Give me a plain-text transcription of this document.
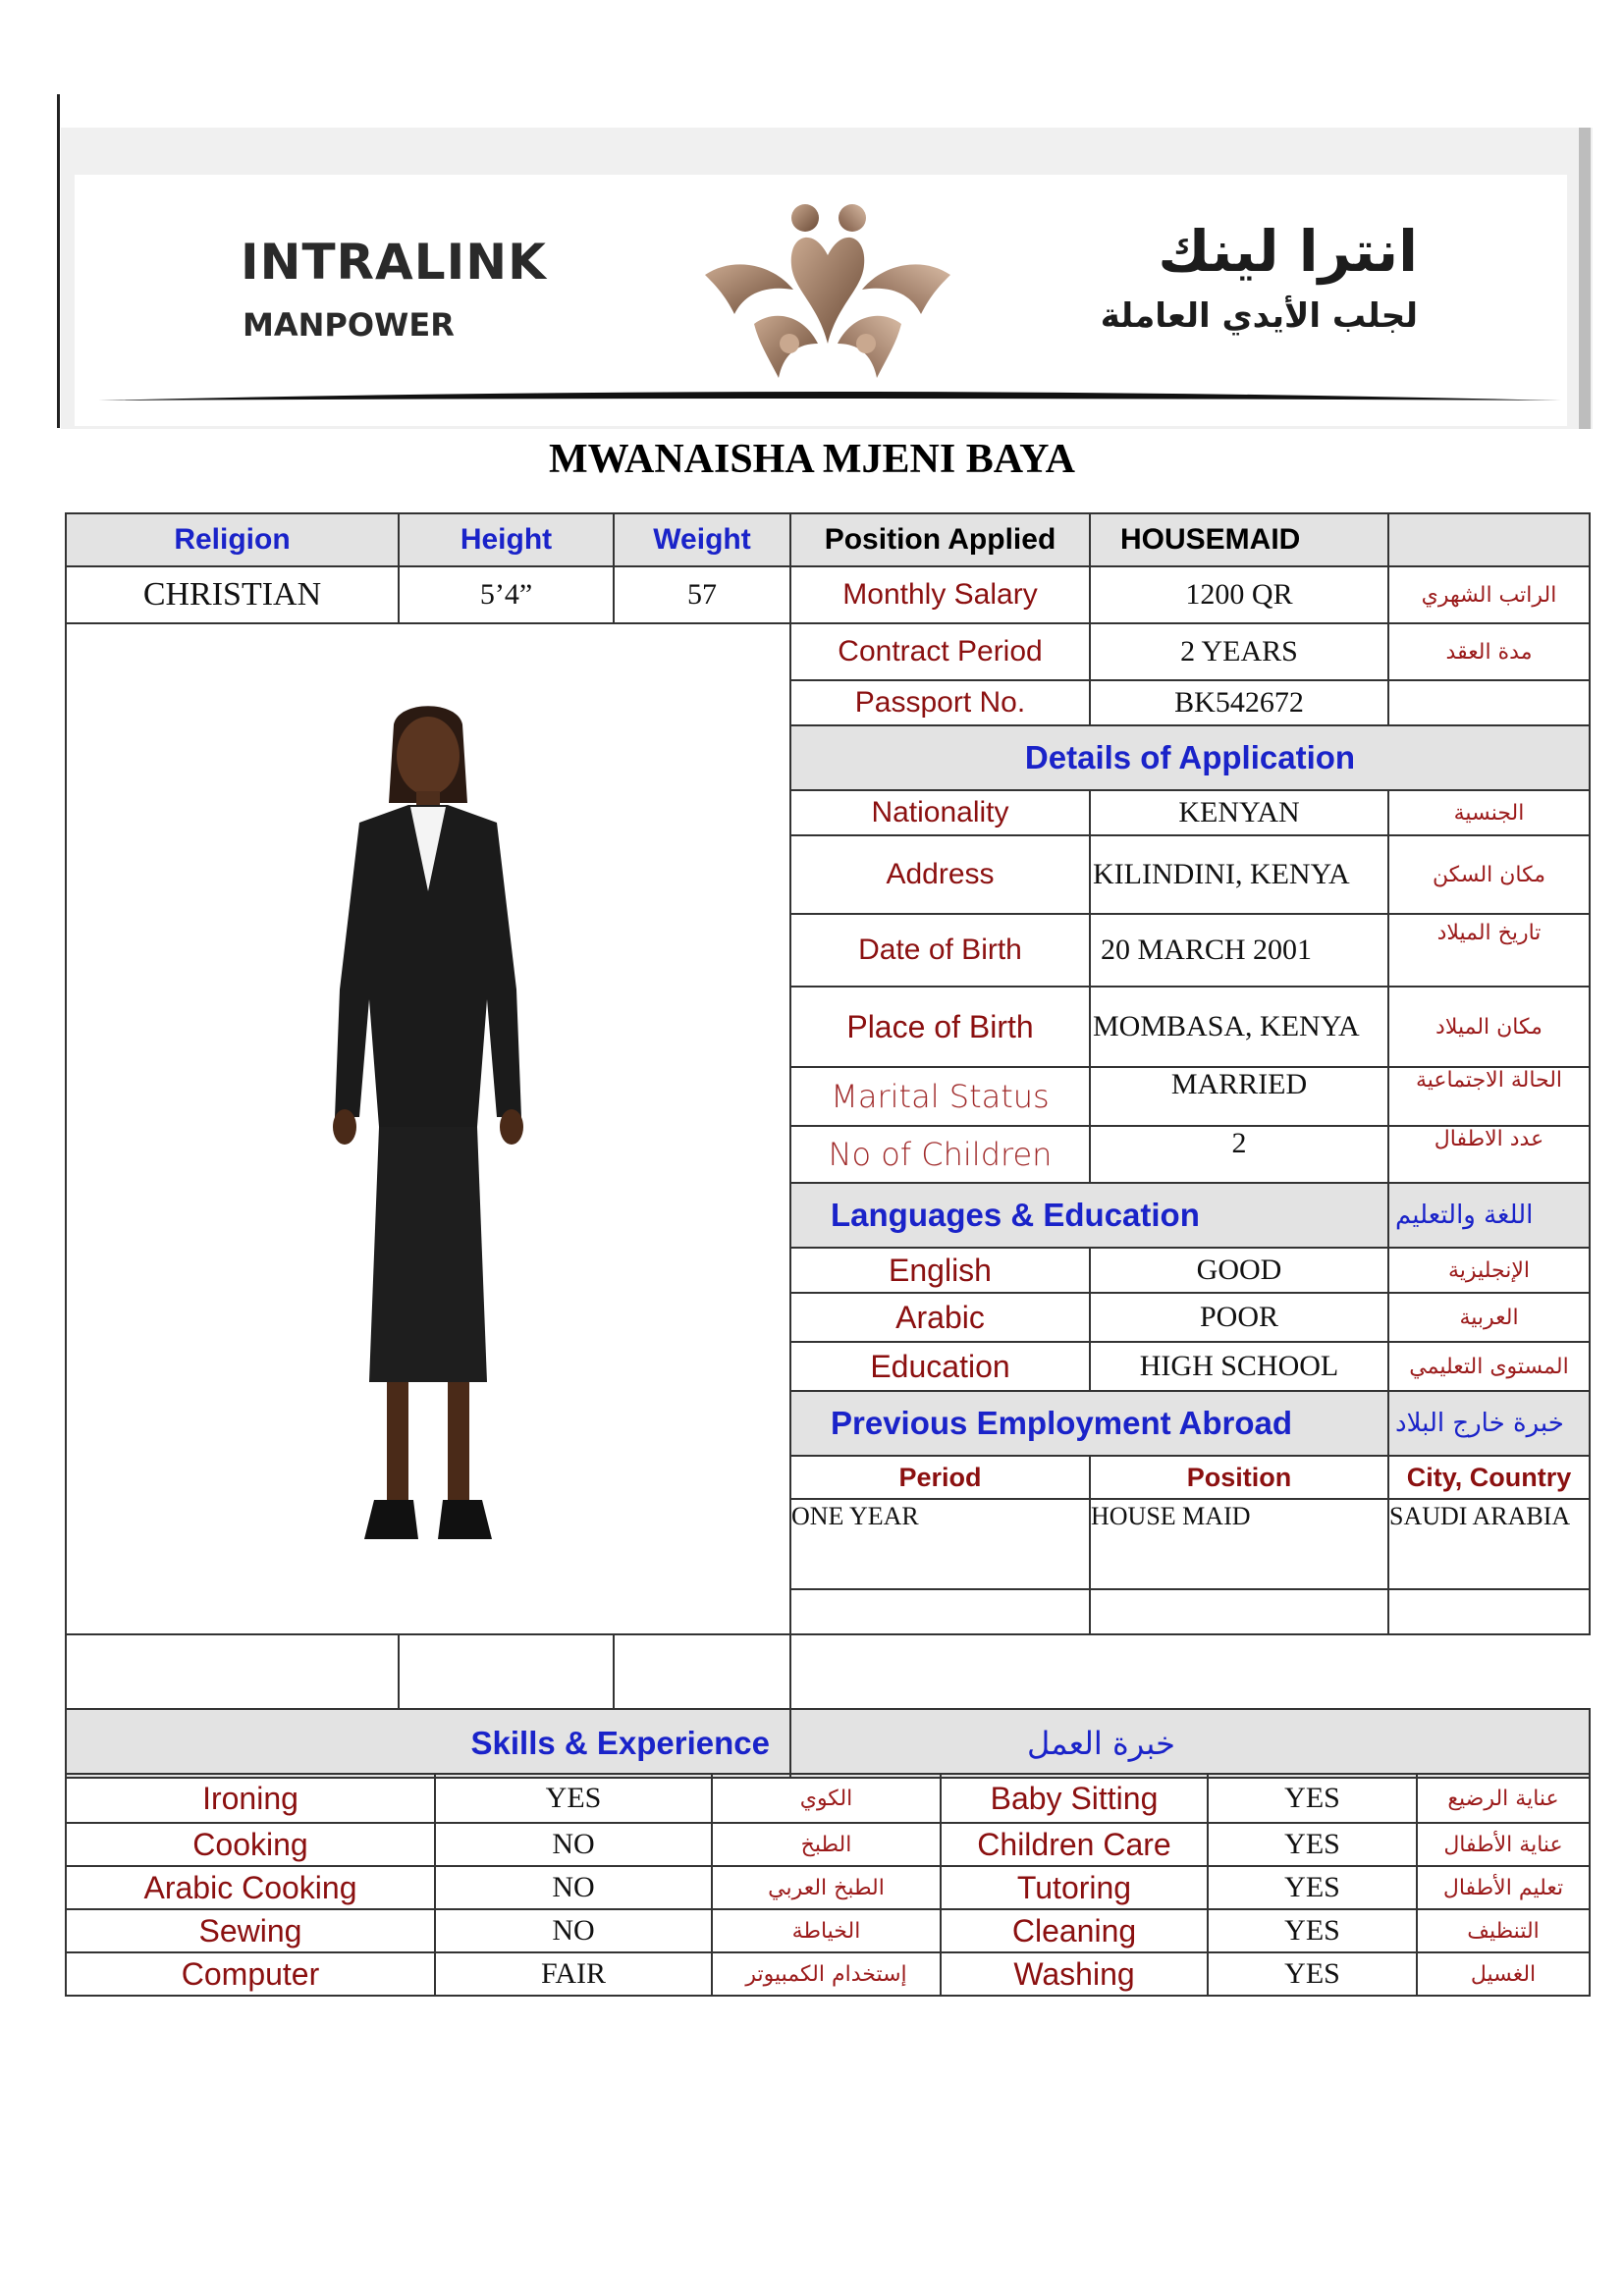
INTRALINK
MANPOWER
انترا لينك
لجلب الأيدي العاملة
MWANAISHA MJENI BAYA
Religion	Height	Weight	Position Applied	HOUSEMAID	
CHRISTIAN	5’4”	57	Monthly Salary	1200 QR	الراتب الشهري
	Contract Period	2 YEARS	مدة العقد
			Passport No.	BK542672	
			Details of Application		
			Nationality	KENYAN	الجنسية
			Address	KILINDINI, KENYA	مكان السكن
			Date of Birth	20 MARCH 2001	تاريخ الميلاد
			Place of Birth	MOMBASA, KENYA	مكان الميلاد
			Marital Status	MARRIED	الحالة الاجتماعية
			No of Children	2	عدد الاطفال
			Languages & Education		اللغة والتعليم
			English	GOOD	الإنجليزية
			Arabic	POOR	العربية
			Education	HIGH SCHOOL	المستوى التعليمي
			Previous Employment Abroad		خبرة خارج البلاد
			Period	Position	City, Country
			ONE YEAR	HOUSE MAID	SAUDI ARABIA

Skills & Experience			خبرة العمل		
Ironing	YES	الكوي	Baby Sitting	YES	عناية الرضيع
Cooking	NO	الطبخ	Children Care	YES	عناية الأطفال
Arabic Cooking	NO	الطبخ العربي	Tutoring	YES	تعليم الأطفال
Sewing	NO	الخياطة	Cleaning	YES	التنظيف
Computer	FAIR	إستخدام الكمبيوتر	Washing	YES	الغسيل
